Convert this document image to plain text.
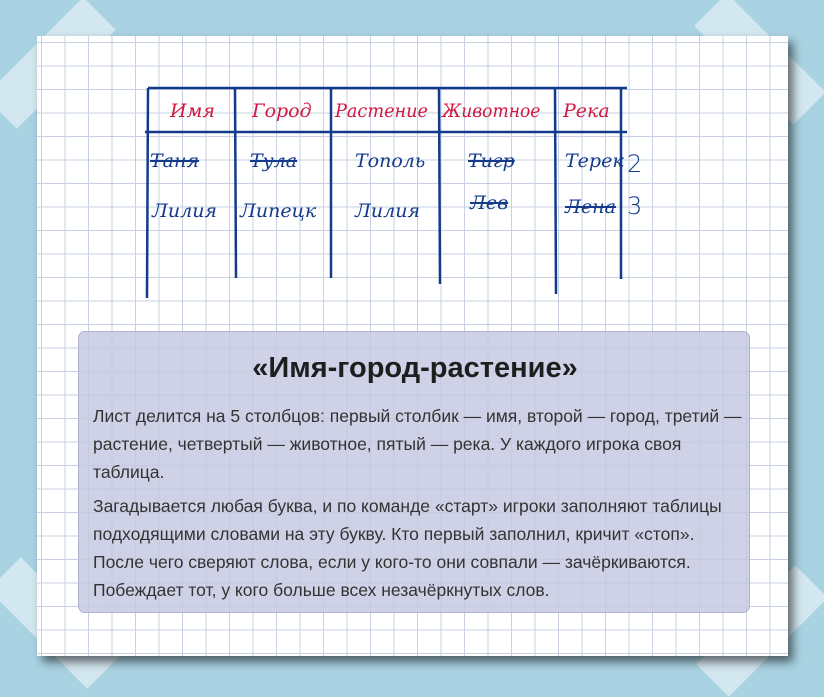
Имя Город Растение Животное Река
Таня	Тула	Тополь Тигр	Терек 2
Лилия Липецк Лилия	Лев	Лена 3
«Имя-город-растение»

Лист делится на 5 столбцов: первый столбик — имя, второй — город, третий — растение, четвертый — животное, пятый — река. У каждого игрока своя таблица.

Загадывается любая буква, и по команде «старт» игроки заполняют таблицы подходящими словами на эту букву. Кто первый заполнил, кричит «стоп». После чего сверяют слова, если у кого-то они совпали — зачёркиваются. Побеждает тот, у кого больше всех незачёркнутых слов.
